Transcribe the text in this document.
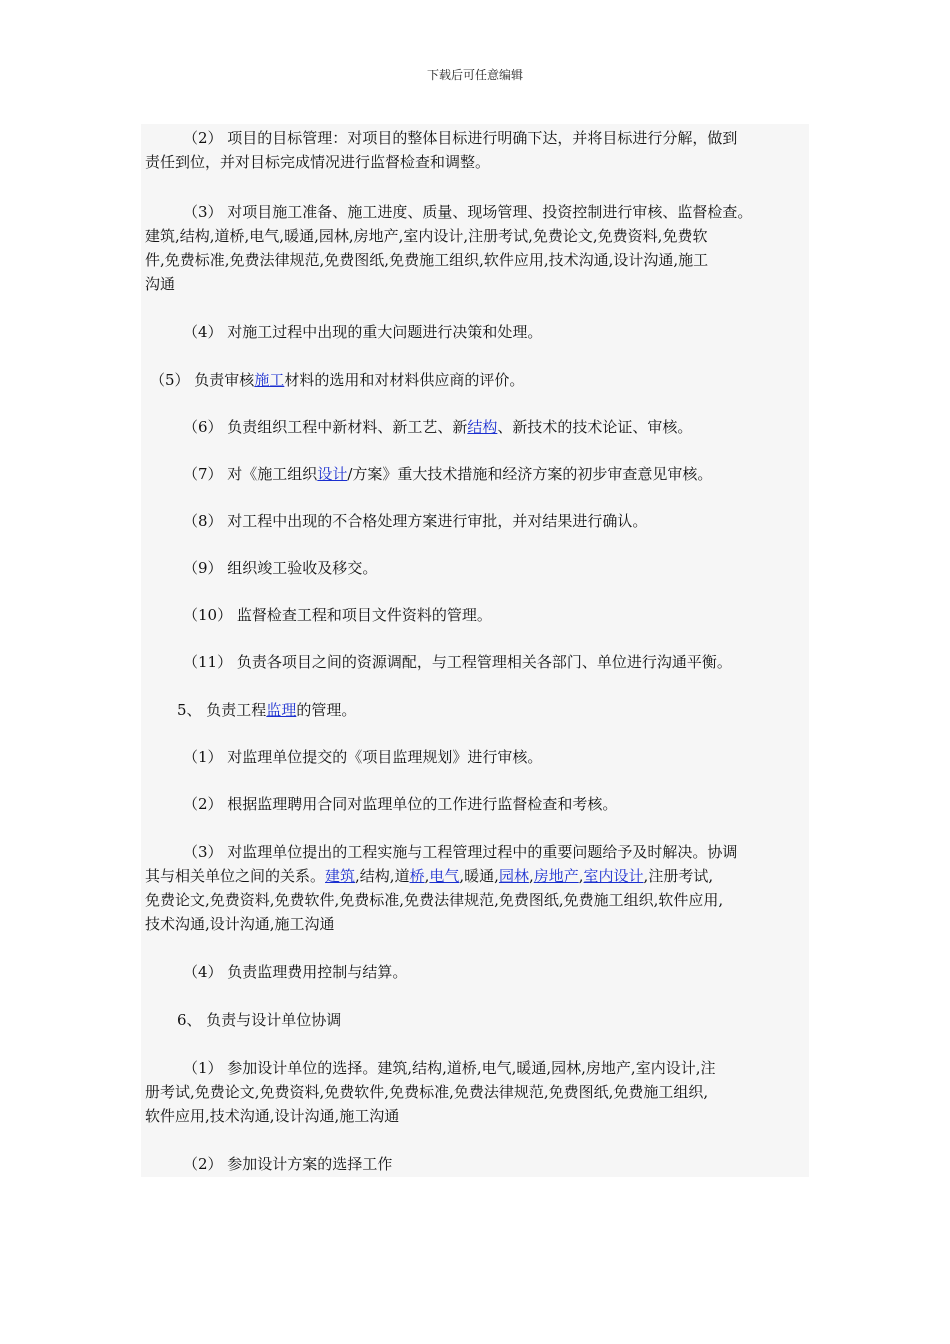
下载后可任意编辑
（2） 项目的目标管理：对项目的整体目标进行明确下达，并将目标进行分解，做到
责任到位，并对目标完成情况进行监督检查和调整。
（3） 对项目施工准备、施工进度、质量、现场管理、投资控制进行审核、监督检查。
建筑,结构,道桥,电气,暖通,园林,房地产,室内设计,注册考试,免费论文,免费资料,免费软
件,免费标准,免费法律规范,免费图纸,免费施工组织,软件应用,技术沟通,设计沟通,施工
沟通
（4） 对施工过程中出现的重大问题进行决策和处理。
（5） 负责审核施工材料的选用和对材料供应商的评价。
（6） 负责组织工程中新材料、新工艺、新结构、新技术的技术论证、审核。
（7） 对《施工组织设计/方案》重大技术措施和经济方案的初步审查意见审核。
（8） 对工程中出现的不合格处理方案进行审批，并对结果进行确认。
（9） 组织竣工验收及移交。
（10） 监督检查工程和项目文件资料的管理。
（11） 负责各项目之间的资源调配，与工程管理相关各部门、单位进行沟通平衡。
5、 负责工程监理的管理。
（1） 对监理单位提交的《项目监理规划》进行审核。
（2） 根据监理聘用合同对监理单位的工作进行监督检查和考核。
（3） 对监理单位提出的工程实施与工程管理过程中的重要问题给予及时解决。协调
其与相关单位之间的关系。建筑,结构,道桥,电气,暖通,园林,房地产,室内设计,注册考试,
免费论文,免费资料,免费软件,免费标准,免费法律规范,免费图纸,免费施工组织,软件应用,
技术沟通,设计沟通,施工沟通
（4） 负责监理费用控制与结算。
6、 负责与设计单位协调
（1） 参加设计单位的选择。建筑,结构,道桥,电气,暖通,园林,房地产,室内设计,注
册考试,免费论文,免费资料,免费软件,免费标准,免费法律规范,免费图纸,免费施工组织,
软件应用,技术沟通,设计沟通,施工沟通
（2） 参加设计方案的选择工作
